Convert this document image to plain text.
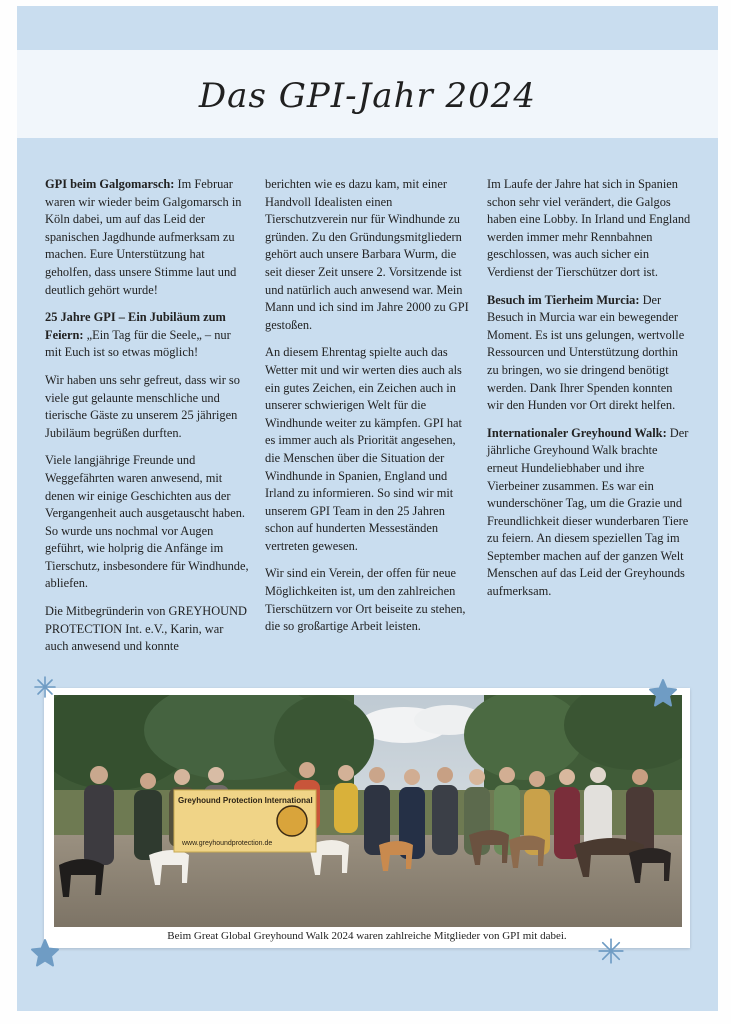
Das GPI-Jahr 2024

GPI beim Galgomarsch: Im Februar waren wir wieder beim Galgomarsch in Köln dabei, um auf das Leid der spanischen Jagdhunde aufmerksam zu machen. Eure Unterstützung hat geholfen, dass unsere Stimme laut und deutlich gehört wurde!

25 Jahre GPI – Ein Jubiläum zum Feiern: „Ein Tag für die Seele„ – nur mit Euch ist so etwas möglich!

Wir haben uns sehr gefreut, dass wir so viele gut gelaunte menschliche und tierische Gäste zu unserem 25 jährigen Jubiläum begrüßen durften.

Viele langjährige Freunde und Weggefährten waren anwesend, mit denen wir einige Geschichten aus der Vergangenheit auch ausgetauscht haben. So wurde uns nochmal vor Augen geführt, wie holprig die Anfänge im Tierschutz, insbesondere für Windhunde, abliefen.

Die Mitbegründerin von GREYHOUND PROTECTION Int. e.V., Karin, war auch anwesend und konnte

berichten wie es dazu kam, mit einer Handvoll Idealisten einen Tierschutzverein nur für Windhunde zu gründen. Zu den Gründungsmitgliedern gehört auch unsere Barbara Wurm, die seit dieser Zeit unsere 2. Vorsitzende ist und natürlich auch anwesend war. Mein Mann und ich sind im Jahre 2000 zu GPI gestoßen.

An diesem Ehrentag spielte auch das Wetter mit und wir werten dies auch als ein gutes Zeichen, ein Zeichen auch in unserer schwierigen Welt für die Windhunde weiter zu kämpfen. GPI hat es immer auch als Priorität angesehen, die Menschen über die Situation der Windhunde in Spanien, England und Irland zu informieren. So sind wir mit unserem GPI Team in den 25 Jahren schon auf hunderten Messeständen vertreten gewesen.

Wir sind ein Verein, der offen für neue Möglichkeiten ist, um den zahlreichen Tierschützern vor Ort beiseite zu stehen, die so großartige Arbeit leisten.

Im Laufe der Jahre hat sich in Spanien schon sehr viel verändert, die Galgos haben eine Lobby. In Irland und England werden immer mehr Rennbahnen geschlossen, was auch sicher ein Verdienst der Tierschützer dort ist.

Besuch im Tierheim Murcia: Der Besuch in Murcia war ein bewegender Moment. Es ist uns gelungen, wertvolle Ressourcen und Unterstützung dorthin zu bringen, wo sie dringend benötigt werden. Dank Ihrer Spenden konnten wir den Hunden vor Ort direkt helfen.

Internationaler Greyhound Walk: Der jährliche Greyhound Walk brachte erneut Hundeliebhaber und ihre Vierbeiner zusammen. Es war ein wunderschöner Tag, um die Grazie und Freundlichkeit dieser wunderbaren Tiere zu feiern. An diesem speziellen Tag im September machen auf der ganzen Welt Menschen auf das Leid der Greyhounds aufmerksam.

Greyhound Protection International
www.greyhoundprotection.de
Beim Great Global Greyhound Walk 2024 waren zahlreiche Mitglieder von GPI mit dabei.
